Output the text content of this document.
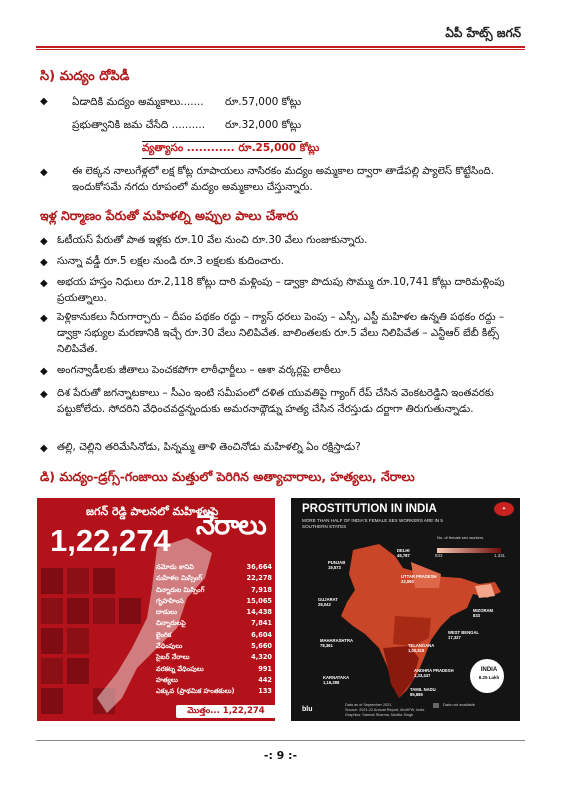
ఏపీ హేట్స్ జగన్
సి) మద్యం దోపిడీ
◆ ఏడాదికి మద్యం అమ్మకాలు....... రూ.57,000 కోట్లు
ప్రభుత్వానికి జమ చేసేది .......... రూ.32,000 కోట్లు
వ్యత్యాసం ............ రూ.25,000 కోట్లు
◆ ఈ లెక్కన నాలుగేళ్లలో లక్ష కోట్ల రూపాయలు నాసిరకం మద్యం అమ్మకాల ద్వారా తాడేపల్లి ప్యాలెస్ కొట్టేసింది. ఇందుకోసమే నగదు రూపంలో మద్యం అమ్మకాలు చేస్తున్నారు.
ఇళ్ల నిర్మాణం పేరుతో మహిళల్ని అప్పుల పాలు చేశారు
◆ ఓటీయస్ పేరుతో పాత ఇళ్లకు రూ.10 వేల నుంచి రూ.30 వేలు గుంజుకున్నారు.
◆ సున్నా వడ్డీ రూ.5 లక్షల నుండి రూ.3 లక్షలకు కుదించారు.
◆ అభయ హస్తం నిధులు రూ.2,118 కోట్లు దారి మళ్లింపు – డ్వాక్రా పొదుపు సొమ్ము రూ.10,741 కోట్లు దారిమళ్లింపు ప్రయత్నాలు.
◆ పెళ్లికానుకలు నీరుగార్చారు – దీపం పథకం రద్దు – గ్యాస్ ధరలు పెంపు – ఎస్సీ, ఎస్టీ మహిళల ఉన్నతి పథకం రద్దు – డ్వాక్రా సభ్యుల మరణానికి ఇచ్చే రూ.30 వేలు నిలిపివేత. బాలింతలకు రూ.5 వేలు నిలిపివేత – ఎన్టీఆర్ బేబీ కిట్స్ నిలిపివేత.
◆ అంగన్వాడీలకు జీతాలు పెంచకపోగా లాఠీఛార్జీలు – ఆశా వర్కర్లపై లాఠీలు
◆ దిశ పేరుతో జగన్నాటకాలు – సీఎం ఇంటి సమీపంలో దళిత యువతిపై గ్యాంగ్ రేప్ చేసిన వెంకటరెడ్డిని ఇంతవరకు పట్టుకోలేదు. సోదరిని వేధించవద్దన్నందుకు అమరనాథ్గౌడ్ను హత్య చేసిన నేరస్తుడు దర్జాగా తిరుగుతున్నాడు.
◆ తల్లి, చెల్లిని తరిమేసినోడు, పిన్నమ్మ తాళి తెంచినోడు మహిళల్ని ఏం రక్షిస్తాడు?
డి) మద్యం-డ్రగ్స్-గంజాయి మత్తులో పెరిగిన అత్యాచారాలు, హత్యలు, నేరాలు
జగన్ రెడ్డి పాలనలో మహిళలపై
1,22,274 నేరాలు
నమోదు కానివి	36,664
మహిళల మిస్సింగ్	22,278
చిన్నారుల మిస్సింగ్	7,918
గృహహింస	15,065
దాడులు	14,438
చిన్నారులపై	7,841
లైంగిక	6,604
వేధింపులు	5,660
సైబర్ నేరాలు	4,320
వరకట్న వేధింపులు	991
హత్యలు	442
ఎక్కువ (ప్రాథమిక హంతకులు)	133
మొత్తం... 1,22,274
PROSTITUTION IN INDIA
MORE THAN HALF OF INDIA'S FEMALE SEX WORKERS ARE IN 5 SOUTHERN STATES
✦
No. of female sex workers
833	1.33L
DELHI
46,787
PUNJAB
19,573
UTTAR PRADESH
22,060
GUJARAT
28,042
MIZORAM
833
WEST BENGAL
17,327
MAHARASHTRA
78,361	TELANGANA
1,00,818
ANDHRA PRADESH
1,33,447
KARNATAKA
1,16,288
TAMIL NADU
85,886
INDIA
8.25 Lakh
Data not available
blu
Data as of September 2021
Source: 2021-22 Annual Report, MoHFW, India
Graphics: Samrat Sharma, Mudita Singh
-: 9 :-
